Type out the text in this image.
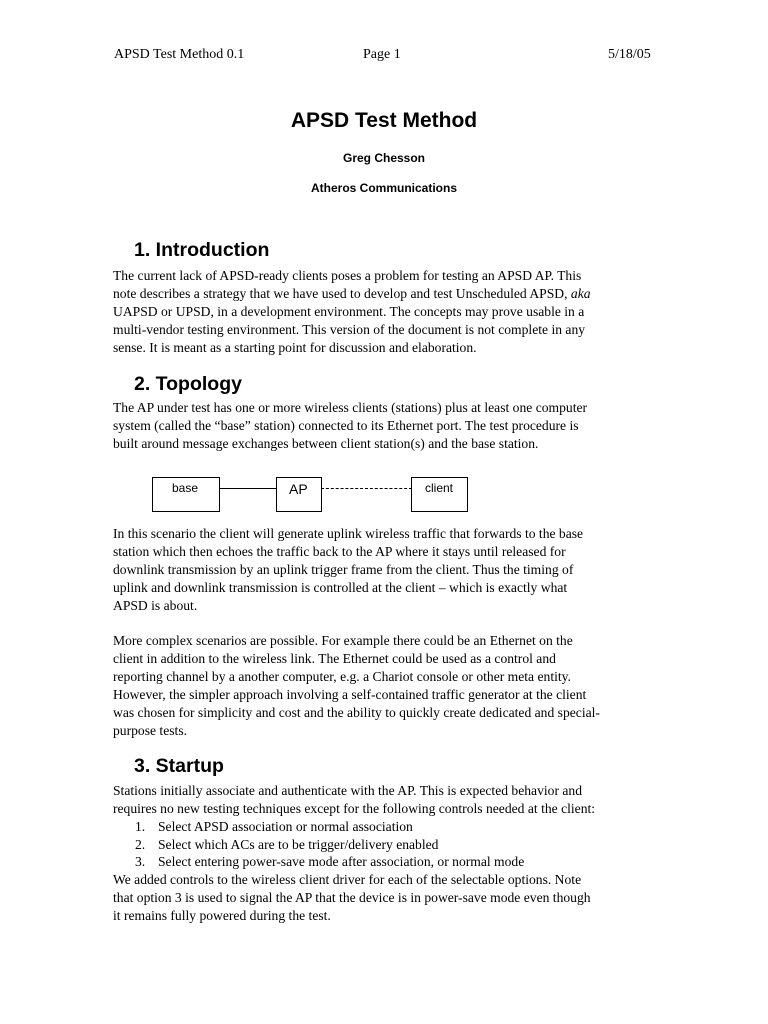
APSD Test Method 0.1	Page 1	5/18/05
APSD Test Method
Greg Chesson
Atheros Communications
1. Introduction
The current lack of APSD-ready clients poses a problem for testing an APSD AP. This
note describes a strategy that we have used to develop and test Unscheduled APSD, aka
UAPSD or UPSD, in a development environment. The concepts may prove usable in a
multi-vendor testing environment. This version of the document is not complete in any
sense. It is meant as a starting point for discussion and elaboration.
2. Topology
The AP under test has one or more wireless clients (stations) plus at least one computer
system (called the “base” station) connected to its Ethernet port. The test procedure is
built around message exchanges between client station(s) and the base station.
base	AP	client
In this scenario the client will generate uplink wireless traffic that forwards to the base
station which then echoes the traffic back to the AP where it stays until released for
downlink transmission by an uplink trigger frame from the client. Thus the timing of
uplink and downlink transmission is controlled at the client – which is exactly what
APSD is about.
More complex scenarios are possible. For example there could be an Ethernet on the
client in addition to the wireless link. The Ethernet could be used as a control and
reporting channel by a another computer, e.g. a Chariot console or other meta entity.
However, the simpler approach involving a self-contained traffic generator at the client
was chosen for simplicity and cost and the ability to quickly create dedicated and special-
purpose tests.
3. Startup
Stations initially associate and authenticate with the AP. This is expected behavior and
requires no new testing techniques except for the following controls needed at the client:
1. Select APSD association or normal association
2. Select which ACs are to be trigger/delivery enabled
3. Select entering power-save mode after association, or normal mode
We added controls to the wireless client driver for each of the selectable options. Note
that option 3 is used to signal the AP that the device is in power-save mode even though
it remains fully powered during the test.
